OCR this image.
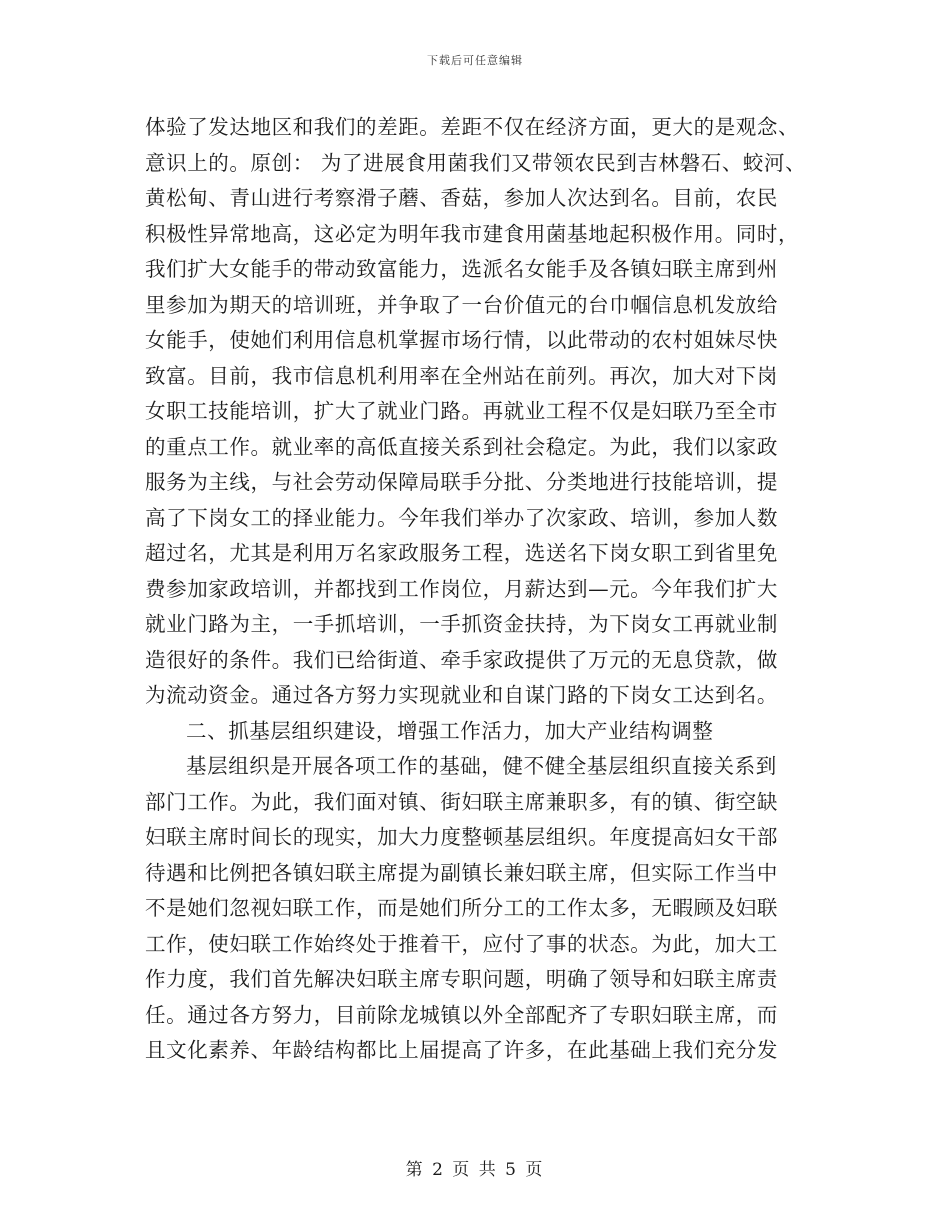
下载后可任意编辑
体验了发达地区和我们的差距。差距不仅在经济方面，更大的是观念、
意识上的。原创： 为了进展食用菌我们又带领农民到吉林磐石、蛟河、
黄松甸、青山进行考察滑子蘑、香菇，参加人次达到名。目前，农民
积极性异常地高，这必定为明年我市建食用菌基地起积极作用。同时，
我们扩大女能手的带动致富能力，选派名女能手及各镇妇联主席到州
里参加为期天的培训班，并争取了一台价值元的台巾帼信息机发放给
女能手，使她们利用信息机掌握市场行情，以此带动的农村姐妹尽快
致富。目前，我市信息机利用率在全州站在前列。再次，加大对下岗
女职工技能培训，扩大了就业门路。再就业工程不仅是妇联乃至全市
的重点工作。就业率的高低直接关系到社会稳定。为此，我们以家政
服务为主线，与社会劳动保障局联手分批、分类地进行技能培训，提
高了下岗女工的择业能力。今年我们举办了次家政、培训，参加人数
超过名，尤其是利用万名家政服务工程，选送名下岗女职工到省里免
费参加家政培训，并都找到工作岗位，月薪达到—元。今年我们扩大
就业门路为主，一手抓培训，一手抓资金扶持，为下岗女工再就业制
造很好的条件。我们已给街道、牵手家政提供了万元的无息贷款，做
为流动资金。通过各方努力实现就业和自谋门路的下岗女工达到名。
二、抓基层组织建设，增强工作活力，加大产业结构调整
基层组织是开展各项工作的基础，健不健全基层组织直接关系到
部门工作。为此，我们面对镇、街妇联主席兼职多，有的镇、街空缺
妇联主席时间长的现实，加大力度整顿基层组织。年度提高妇女干部
待遇和比例把各镇妇联主席提为副镇长兼妇联主席，但实际工作当中
不是她们忽视妇联工作，而是她们所分工的工作太多，无暇顾及妇联
工作，使妇联工作始终处于推着干，应付了事的状态。为此，加大工
作力度，我们首先解决妇联主席专职问题，明确了领导和妇联主席责
任。通过各方努力，目前除龙城镇以外全部配齐了专职妇联主席，而
且文化素养、年龄结构都比上届提高了许多，在此基础上我们充分发
第 2 页 共 5 页
